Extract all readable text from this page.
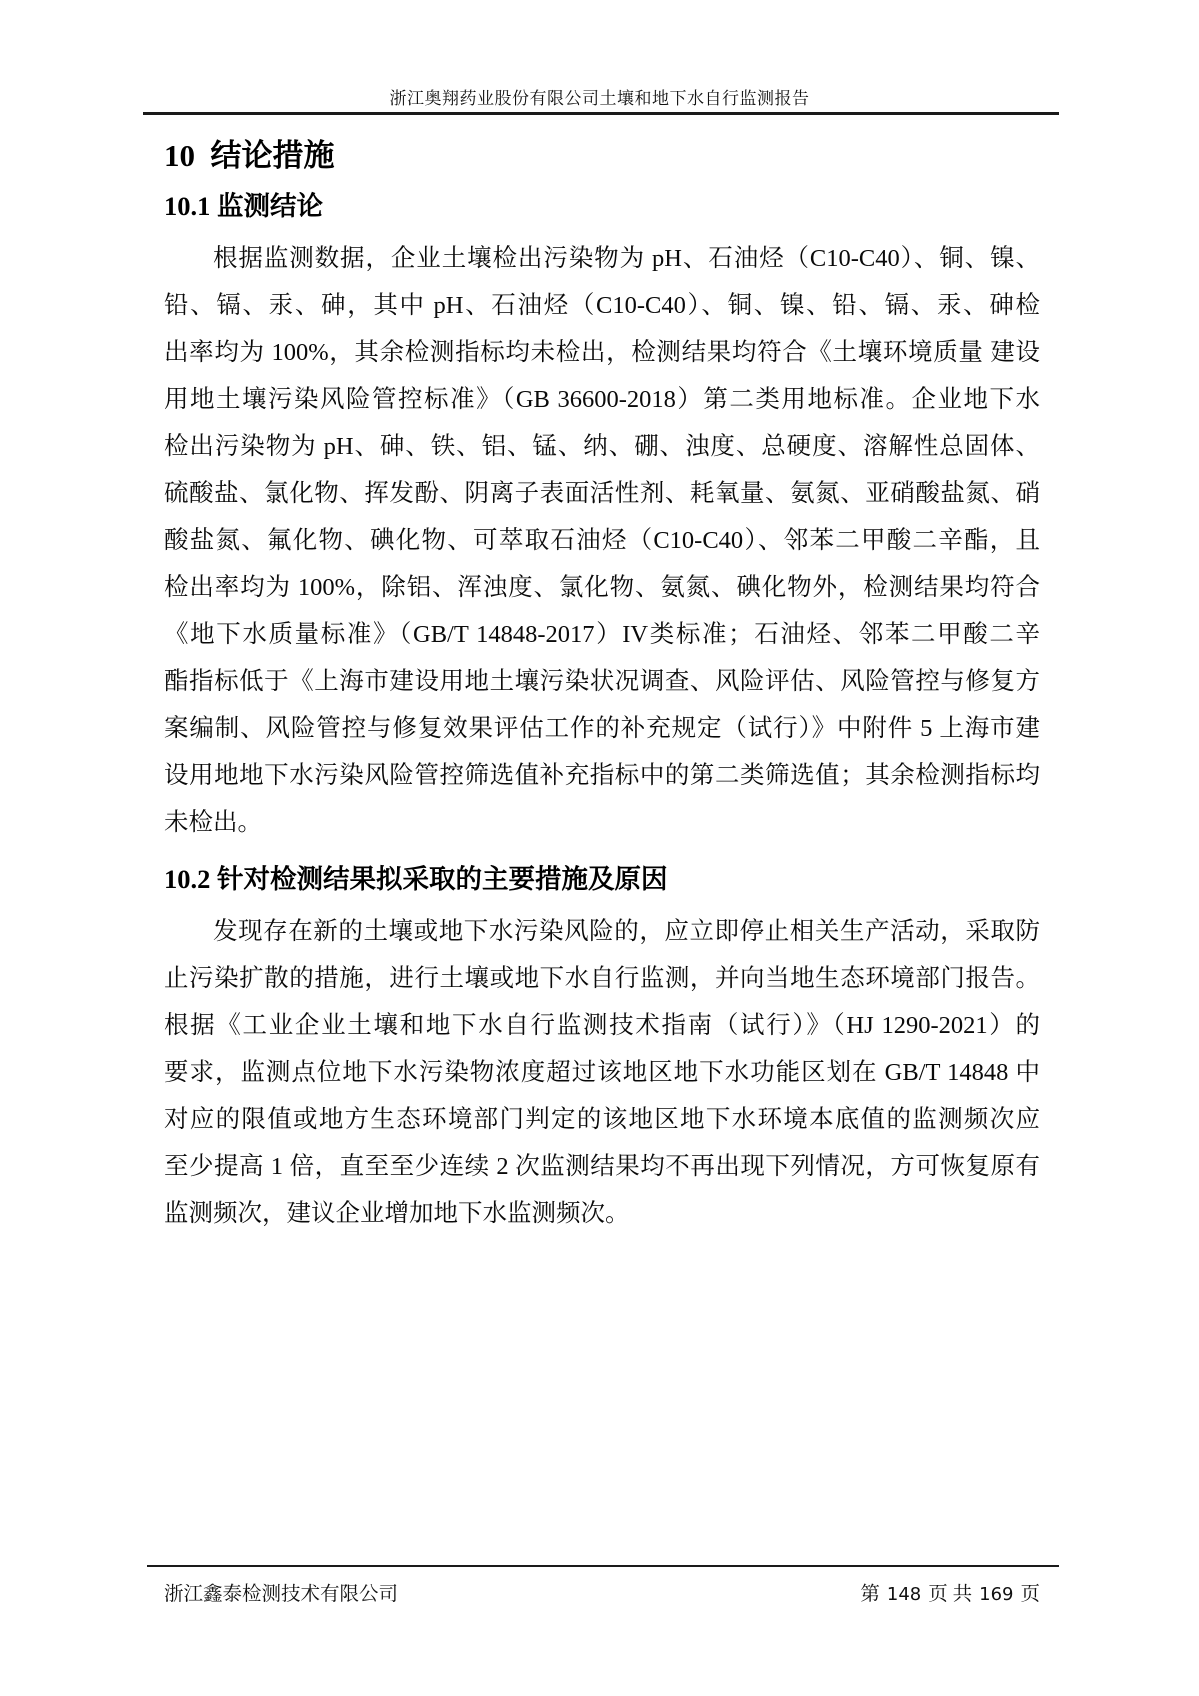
浙江奥翔药业股份有限公司土壤和地下水自行监测报告
10  结论措施
10.1 监测结论
根据监测数据，企业土壤检出污染物为 pH、石油烃（C10-C40）、铜、镍、
铅、镉、汞、砷，其中 pH、石油烃（C10-C40）、铜、镍、铅、镉、汞、砷检
出率均为 100%，其余检测指标均未检出，检测结果均符合《土壤环境质量 建设
用地土壤污染风险管控标准》（GB 36600-2018）第二类用地标准。企业地下水
检出污染物为 pH、砷、铁、铝、锰、纳、硼、浊度、总硬度、溶解性总固体、
硫酸盐、氯化物、挥发酚、阴离子表面活性剂、耗氧量、氨氮、亚硝酸盐氮、硝
酸盐氮、氟化物、碘化物、可萃取石油烃（C10-C40）、邻苯二甲酸二辛酯，且
检出率均为 100%，除铝、浑浊度、氯化物、氨氮、碘化物外，检测结果均符合
《地下水质量标准》（GB/T 14848-2017）IV类标准；石油烃、邻苯二甲酸二辛
酯指标低于《上海市建设用地土壤污染状况调查、风险评估、风险管控与修复方
案编制、风险管控与修复效果评估工作的补充规定（试行）》中附件 5 上海市建
设用地地下水污染风险管控筛选值补充指标中的第二类筛选值；其余检测指标均
未检出。
10.2 针对检测结果拟采取的主要措施及原因
发现存在新的土壤或地下水污染风险的，应立即停止相关生产活动，采取防
止污染扩散的措施，进行土壤或地下水自行监测，并向当地生态环境部门报告。
根据《工业企业土壤和地下水自行监测技术指南（试行）》（HJ 1290-2021）的
要求，监测点位地下水污染物浓度超过该地区地下水功能区划在 GB/T 14848 中
对应的限值或地方生态环境部门判定的该地区地下水环境本底值的监测频次应
至少提高 1 倍，直至至少连续 2 次监测结果均不再出现下列情况，方可恢复原有
监测频次，建议企业增加地下水监测频次。
浙江鑫泰检测技术有限公司	第 148 页 共 169 页
